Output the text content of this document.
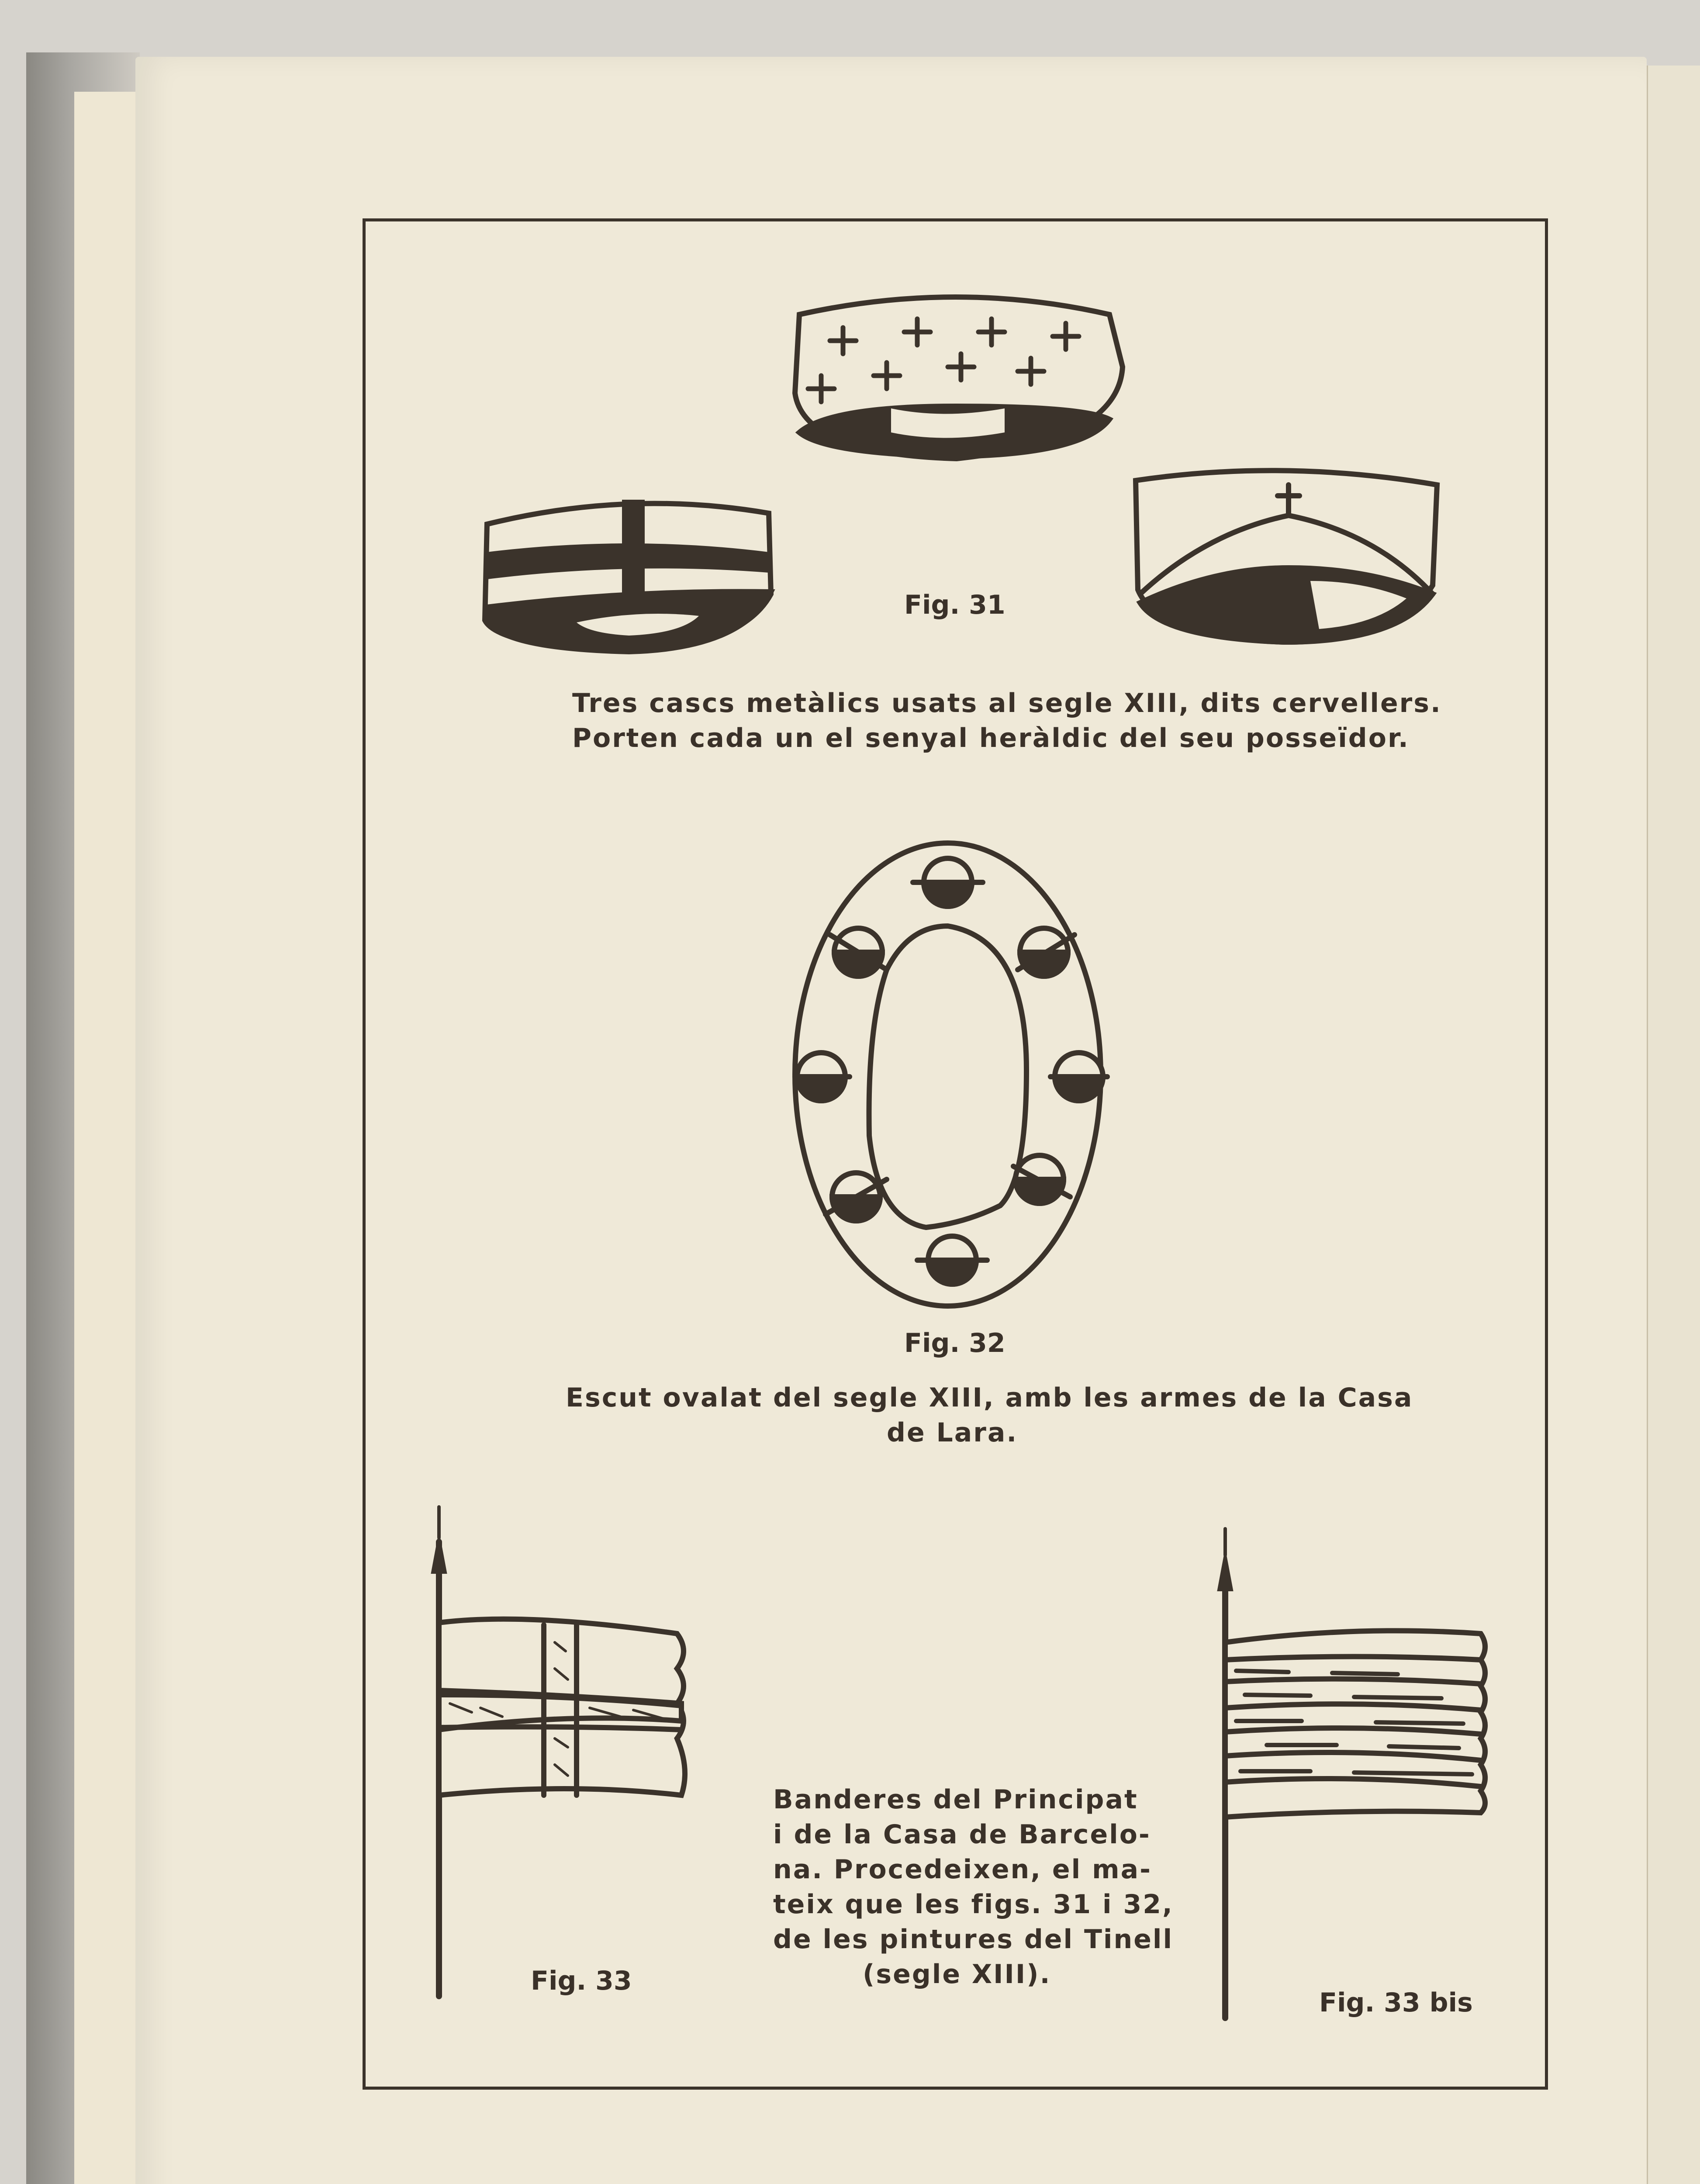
Fig. 31
Tres cascs metàlics usats al segle XIII, dits cervellers.
Porten cada un el senyal heràldic del seu posseïdor.
Fig. 32
Escut ovalat del segle XIII, amb les armes de la Casa
de Lara.
Banderes del Principat
i de la Casa de Barcelo-
na. Procedeixen, el ma-
teix que les figs. 31 i 32,
de les pintures del Tinell
(segle XIII).
Fig. 33
Fig. 33 bis
